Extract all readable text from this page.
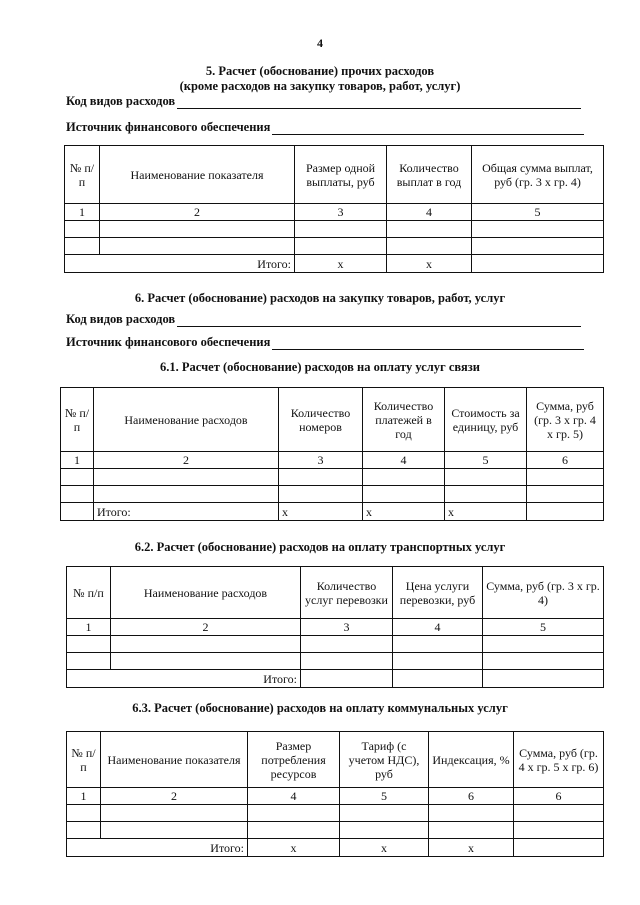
4
5. Расчет (обоснование) прочих расходов
(кроме расходов на закупку товаров, работ, услуг)
Код видов расходов
Источник финансового обеспечения
№ п/п	Наименование показателя	Размер одной выплаты, руб	Количество выплат в год	Общая сумма выплат, руб (гр. 3 x гр. 4)
1	2	3	4	5

Итого:		x	x	
6. Расчет (обоснование) расходов на закупку товаров, работ, услуг
Код видов расходов
Источник финансового обеспечения
6.1. Расчет (обоснование) расходов на оплату услуг связи
№ п/п	Наименование расходов	Количество номеров	Количество платежей в год	Стоимость за единицу, руб	Сумма, руб (гр. 3 x гр. 4 x гр. 5)
1	2	3	4	5	6

	Итого:	x	x	x	
6.2. Расчет (обоснование) расходов на оплату транспортных услуг
№ п/п	Наименование расходов	Количество услуг перевозки	Цена услуги перевозки, руб	Сумма, руб (гр. 3 x гр. 4)
1	2	3	4	5

Итого:				
6.3. Расчет (обоснование) расходов на оплату коммунальных услуг
№ п/п	Наименование показателя	Размер потребления ресурсов	Тариф (с учетом НДС), руб	Индексация, %	Сумма, руб (гр. 4 x гр. 5 x гр. 6)
1	2	4	5	6	6

Итого:		x	x	x	
